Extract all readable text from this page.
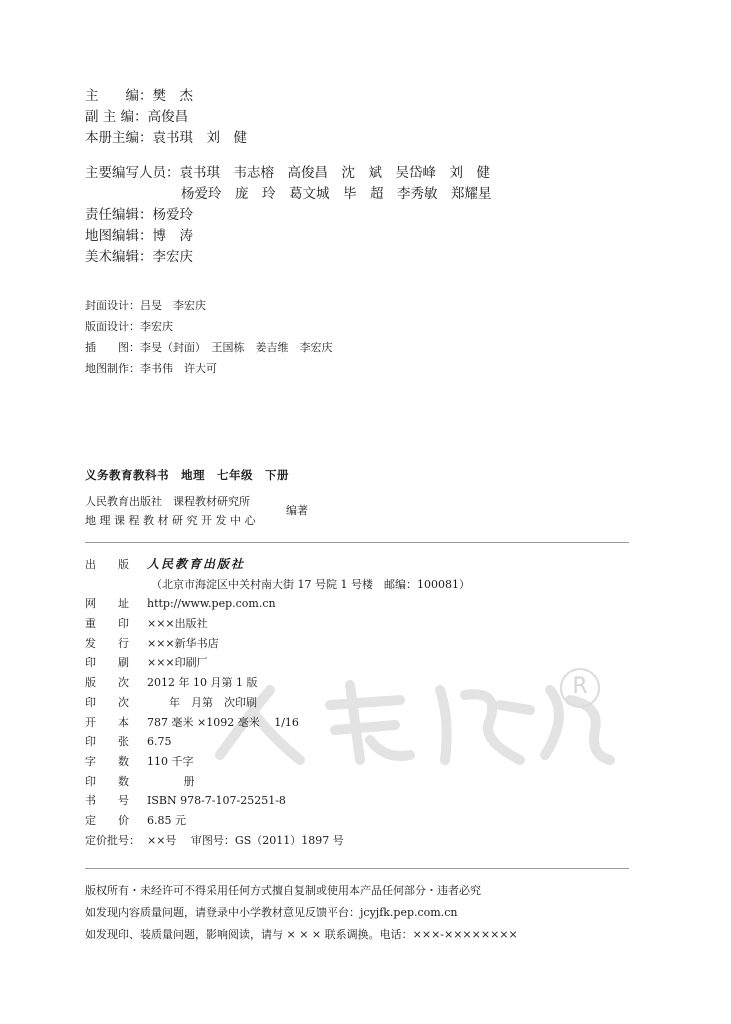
主　　编：樊　杰
副 主 编：高俊昌
本册主编：袁书琪　刘　健
主要编写人员：袁书琪　韦志榕　高俊昌　沈　斌　吴岱峰　刘　健
杨爱玲　庞　玲　葛文城　毕　超　李秀敏　郑耀星
责任编辑：杨爱玲
地图编辑：博　涛
美术编辑：李宏庆
封面设计：吕旻　李宏庆
版面设计：李宏庆
插　　图：李旻（封面）　王国栋　姜吉维　李宏庆
地图制作：李书伟　许大可
义务教育教科书　地理　七年级　下册
人民教育出版社　课程教材研究所
地 理 课 程 教 材 研 究 开 发 中 心
编著
R
出　　版 人民教育出版社
（北京市海淀区中关村南大街 17 号院 1 号楼　邮编：100081）
网　　址 http://www.pep.com.cn
重　　印 ×××出版社
发　　行 ×××新华书店
印　　刷 ×××印刷厂
版　　次 2012 年 10 月第 1 版
印　　次　　年　月第　次印刷
开　　本 787 毫米 ×1092 毫米　 1/16
印　　张 6.75
字　　数 110 千字
印　　数　　　 册
书　　号 ISBN 978-7-107-25251-8
定　　价 6.85 元
定价批号： ××号　 审图号：GS（2011）1897 号
版权所有・未经许可不得采用任何方式擅自复制或使用本产品任何部分・违者必究
如发现内容质量问题，请登录中小学教材意见反馈平台：jcyjfk.pep.com.cn
如发现印、装质量问题，影响阅读，请与 × × × 联系调换。电话：×××-××××××××
